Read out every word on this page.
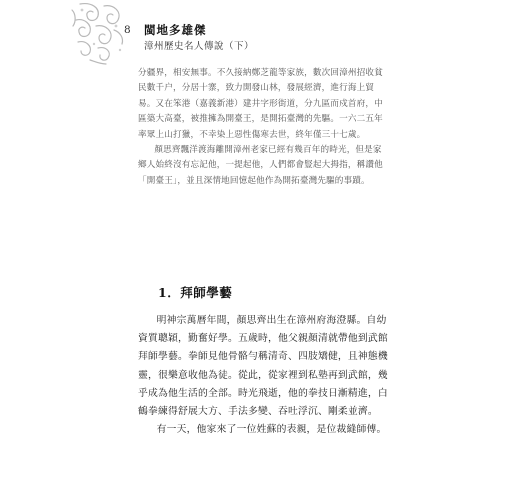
8 閩地多雄傑
漳州歷史名人傳說（下）

分疆界，相安無事。不久接納鄭芝龍等家族，數次回漳州招收貧民數千户，分居十寨，致力開發山林，發展經濟，進行海上貿易。又在笨港（嘉義新港）建井字形街道，分九區而戍首府，中區築大高臺，被推擁為開臺王，是開拓臺灣的先驅。一六二五年率眾上山打獵，不幸染上惡性傷寒去世，終年僅三十七歲。

顏思齊飄洋渡海離開漳州老家已經有幾百年的時光，但是家鄉人始終沒有忘記他，一提起他，人們都會豎起大拇指，稱讚他「開臺王」，並且深情地回憶起他作為開拓臺灣先驅的事蹟。

1．拜師學藝

明神宗萬曆年間，顏思齊出生在漳州府海澄縣。自幼資質聰穎，勤奮好學。五歲時，他父親顏清就帶他到武館拜師學藝。拳師見他骨骼勻稱清奇、四肢矯健，且神態機靈，很樂意收他為徒。從此，從家裡到私塾再到武館，幾乎成為他生活的全部。時光飛逝，他的拳技日漸精進，白鶴拳練得舒展大方、手法多變、吞吐浮沉、剛柔並濟。

有一天，他家來了一位姓蘇的表親，是位裁縫師傅。
